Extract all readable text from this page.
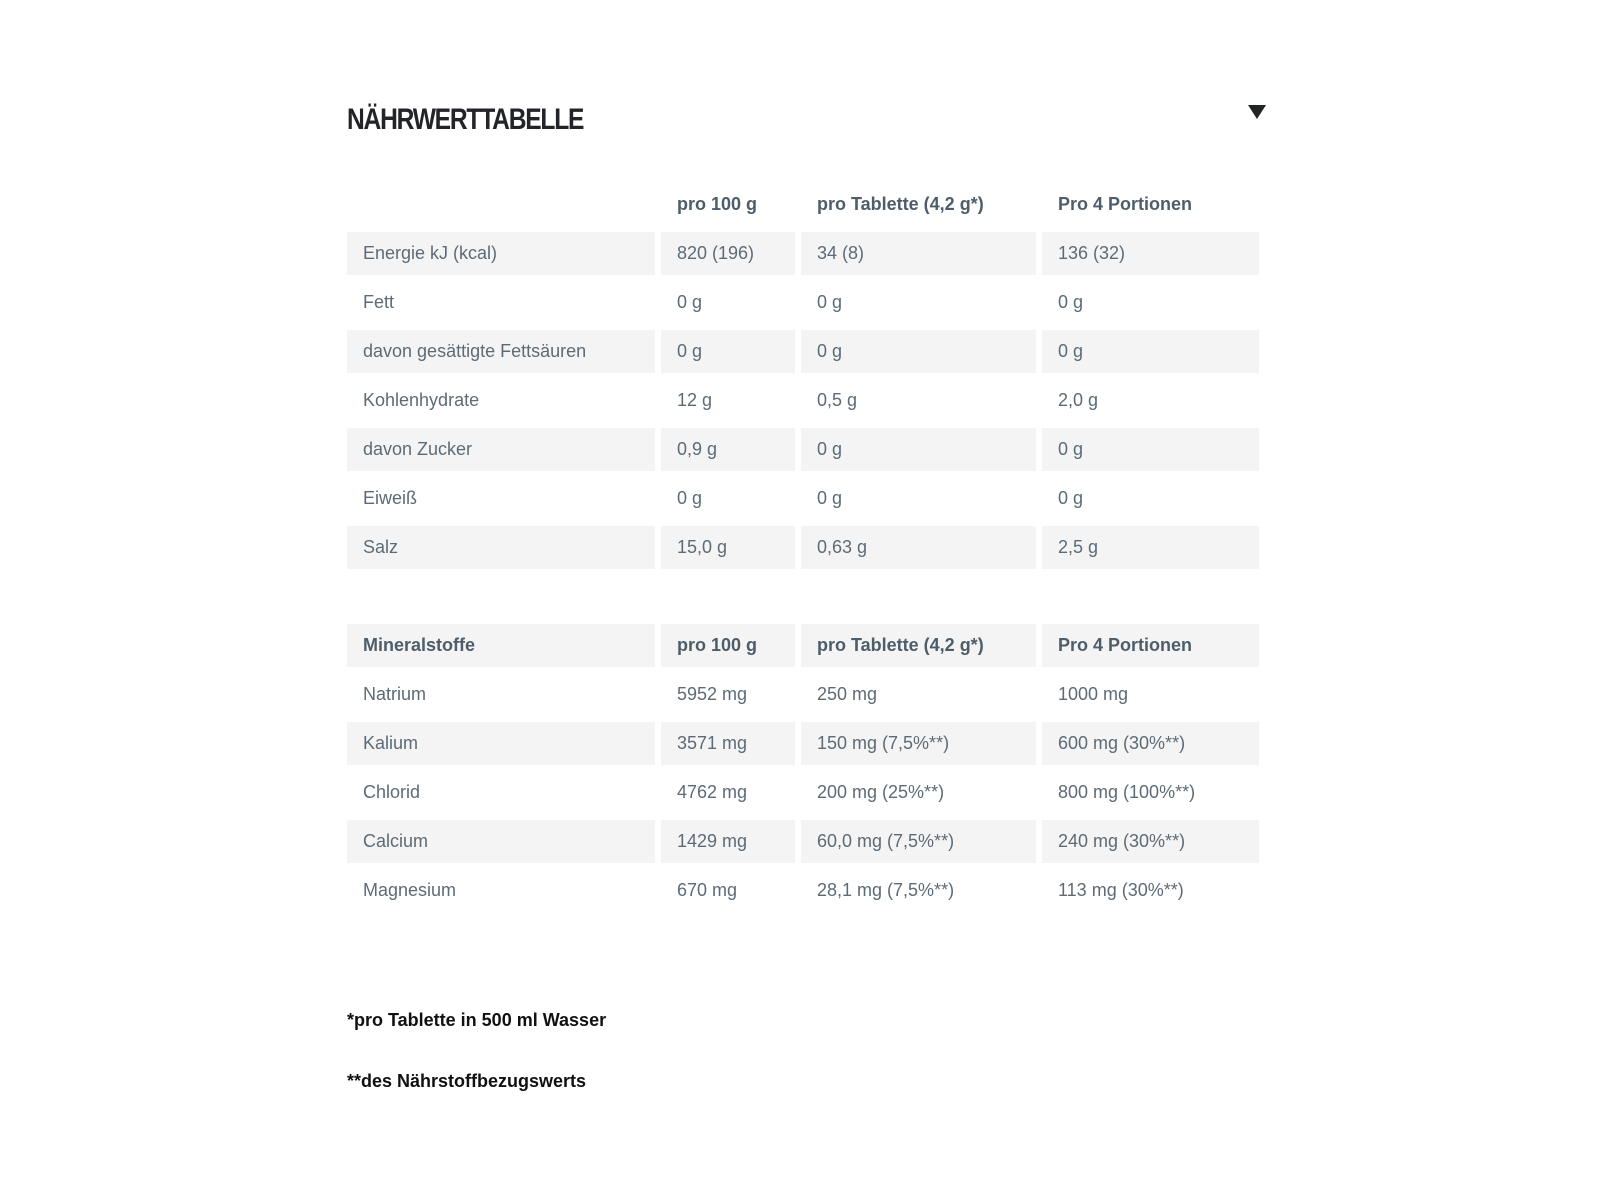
NÄHRWERTTABELLE
	pro 100 g	pro Tablette (4,2 g*)	Pro 4 Portionen

Energie kJ (kcal)	820 (196)	34 (8)	136 (32)

Fett	0 g	0 g	0 g

davon gesättigte Fettsäuren	0 g	0 g	0 g

Kohlenhydrate	12 g	0,5 g	2,0 g

davon Zucker	0,9 g	0 g	0 g

Eiweiß	0 g	0 g	0 g

Salz	15,0 g	0,63 g	2,5 g
Mineralstoffe	pro 100 g	pro Tablette (4,2 g*)	Pro 4 Portionen

Natrium	5952 mg	250 mg	1000 mg

Kalium	3571 mg	150 mg (7,5%**)	600 mg (30%**)

Chlorid	4762 mg	200 mg (25%**)	800 mg (100%**)

Calcium	1429 mg	60,0 mg (7,5%**)	240 mg (30%**)

Magnesium	670 mg	28,1 mg (7,5%**)	113 mg (30%**)

*pro Tablette in 500 ml Wasser

**des Nährstoffbezugswerts
